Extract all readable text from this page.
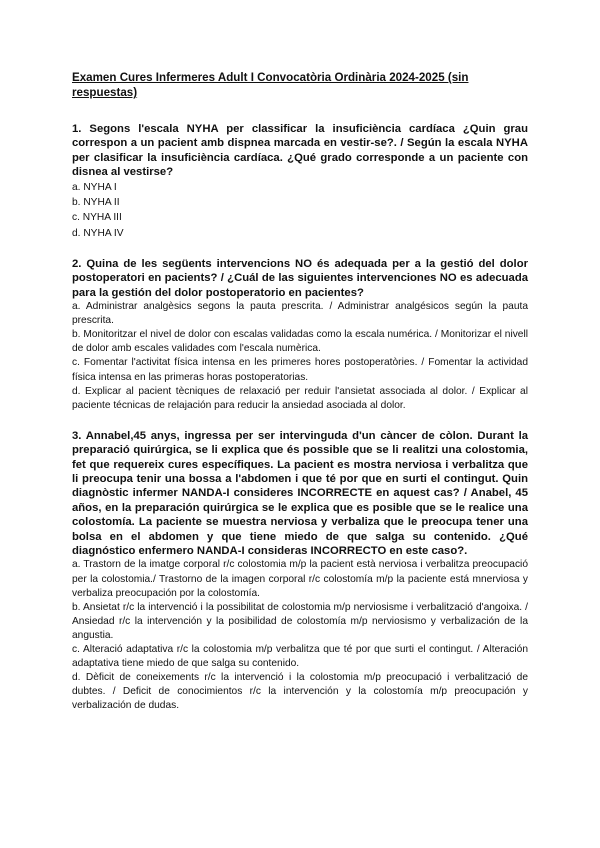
Examen Cures Infermeres Adult I Convocatòria Ordinària 2024-2025 (sin respuestas)

1. Segons l'escala NYHA per classificar la insuficiència cardíaca ¿Quin grau correspon a un pacient amb dispnea marcada en vestir-se?. / Según la escala NYHA per clasificar la insuficiència cardíaca. ¿Qué grado corresponde a un paciente con disnea al vestirse?

a. NYHA I
b. NYHA II
c. NYHA III
d. NYHA IV

2. Quina de les següents intervencions NO és adequada per a la gestió del dolor postoperatori en pacients? / ¿Cuál de las siguientes intervenciones NO es adecuada para la gestión del dolor postoperatorio en pacientes?

a. Administrar analgèsics segons la pauta prescrita. / Administrar analgésicos según la pauta prescrita.
b. Monitoritzar el nivel de dolor con escalas validadas como la escala numérica. / Monitorizar el nivell de dolor amb escales validades com l'escala numèrica.
c. Fomentar l'activitat física intensa en les primeres hores postoperatòries. / Fomentar la actividad física intensa en las primeras horas postoperatorias.
d. Explicar al pacient tècniques de relaxació per reduir l'ansietat associada al dolor. / Explicar al paciente técnicas de relajación para reducir la ansiedad asociada al dolor.

3. Annabel,45 anys, ingressa per ser intervinguda d'un càncer de còlon. Durant la preparació quirúrgica, se li explica que és possible que se li realitzi una colostomia, fet que requereix cures específiques. La pacient es mostra nerviosa i verbalitza que li preocupa tenir una bossa a l'abdomen i que té por que en surti el contingut. Quin diagnòstic infermer NANDA-I consideres INCORRECTE en aquest cas? / Anabel, 45 años, en la preparación quirúrgica se le explica que es posible que se le realice una colostomía. La paciente se muestra nerviosa y verbaliza que le preocupa tener una bolsa en el abdomen y que tiene miedo de que salga su contenido. ¿Qué diagnóstico enfermero NANDA-I consideras INCORRECTO en este caso?.

a. Trastorn de la imatge corporal r/c colostomia m/p la pacient està nerviosa i verbalitza preocupació per la colostomia./ Trastorno de la imagen corporal r/c colostomía m/p la paciente está mnerviosa y verbaliza preocupación por la colostomía.
b. Ansietat r/c la intervenció i la possibilitat de colostomia m/p nerviosisme i verbalització d'angoixa. / Ansiedad r/c la intervención y la posibilidad de colostomía m/p nerviosismo y verbalización de la angustia.
c. Alteració adaptativa r/c la colostomia m/p verbalitza que té por que surti el contingut. / Alteración adaptativa tiene miedo de que salga su contenido.
d. Dèficit de coneixements r/c la intervenció i la colostomia m/p preocupació i verbalització de dubtes. / Deficit de conocimientos r/c la intervención y la colostomía m/p preocupación y verbalización de dudas.
